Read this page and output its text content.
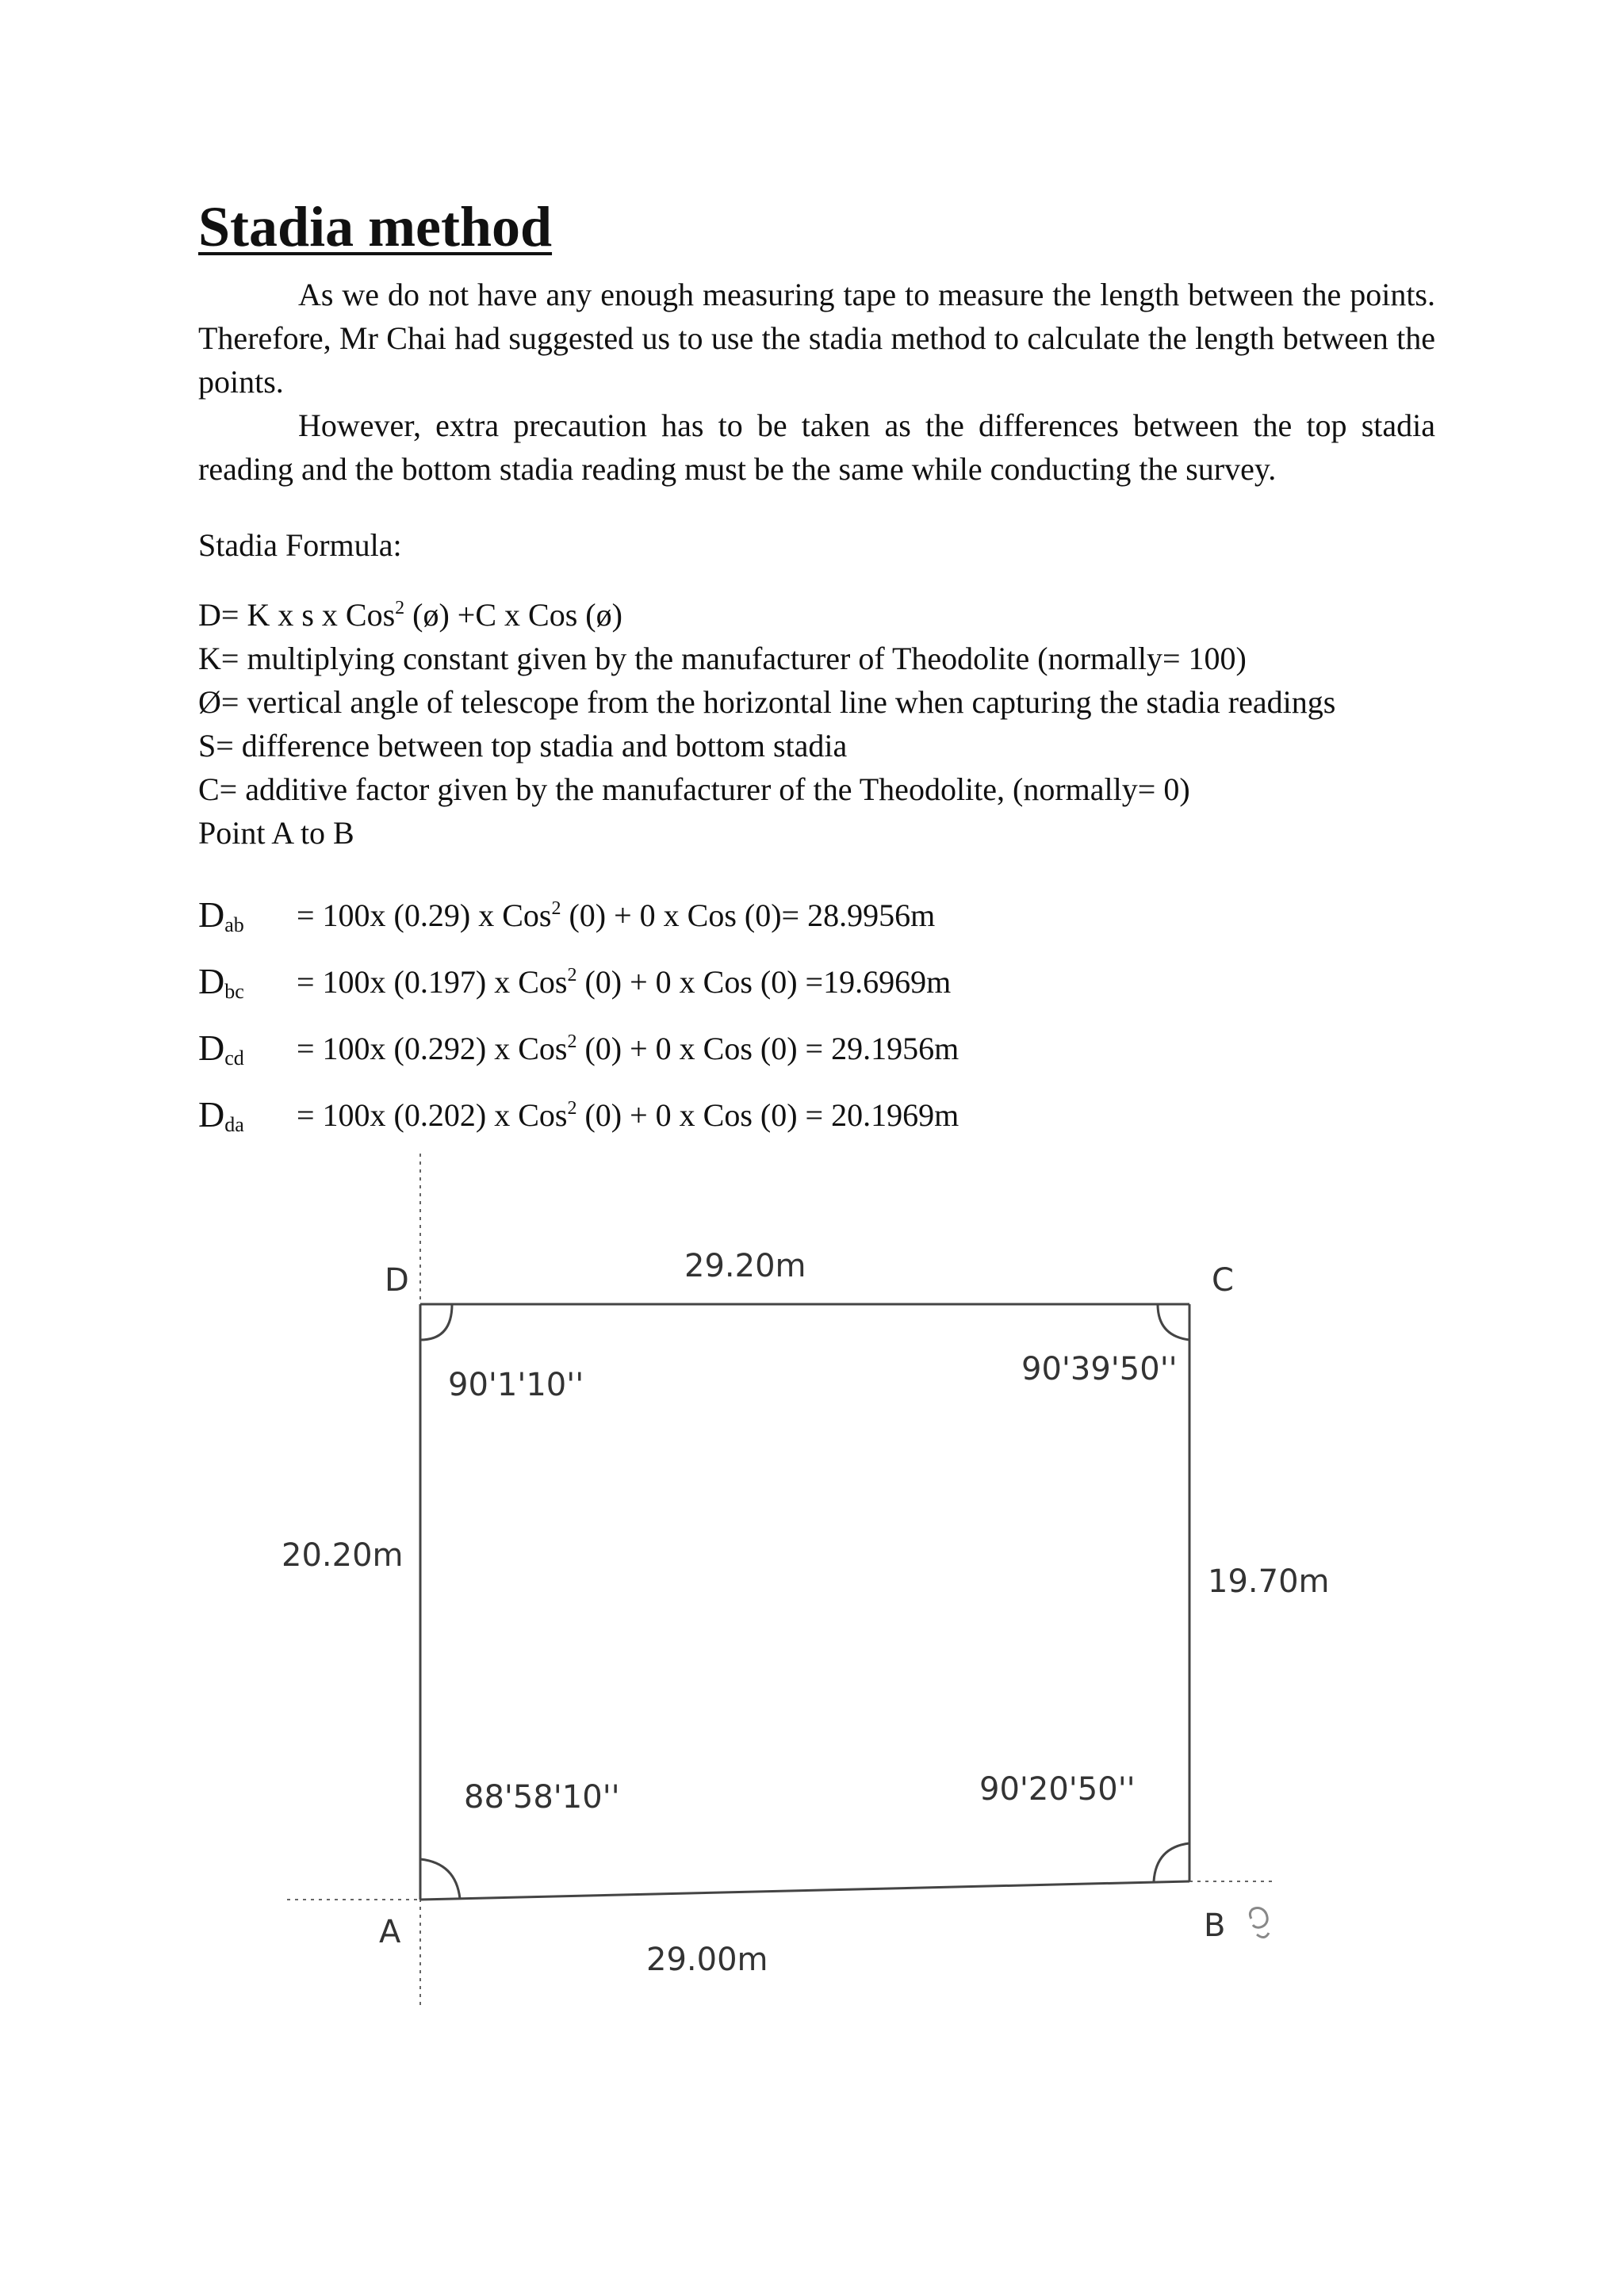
Stadia method

As we do not have any enough measuring tape to measure the length between the points. Therefore, Mr Chai had suggested us to use the stadia method to calculate the length between the points.

However, extra precaution has to be taken as the differences between the top stadia reading and the bottom stadia reading must be the same while conducting the survey.

Stadia Formula:

D= K x s x Cos$^2$ (ø) +C x Cos (ø)

K= multiplying constant given by the manufacturer of Theodolite (normally= 100)

Ø= vertical angle of telescope from the horizontal line when capturing the stadia readings

S= difference between top stadia and bottom stadia

C= additive factor given by the manufacturer of the Theodolite, (normally= 0)

Point A to B

$D_{ab} = 100x$ (0.29) x Cos$^2$ (0) + 0 x Cos (0)= 28.9956m
$D_{bc} = 100x$ (0.197) x Cos$^2$ (0) + 0 x Cos (0) =19.6969m
$D_{cd} = 100x$ (0.292) x Cos$^2$ (0) + 0 x Cos (0) = 29.1956m
$D_{da} = 100x$ (0.202) x Cos$^2$ (0) + 0 x Cos (0) = 20.1969m
D	C
A	B
29.20m
29.00m
20.20m
19.70m
90'1'10''	90'39'50''
88'58'10''	90'20'50''
